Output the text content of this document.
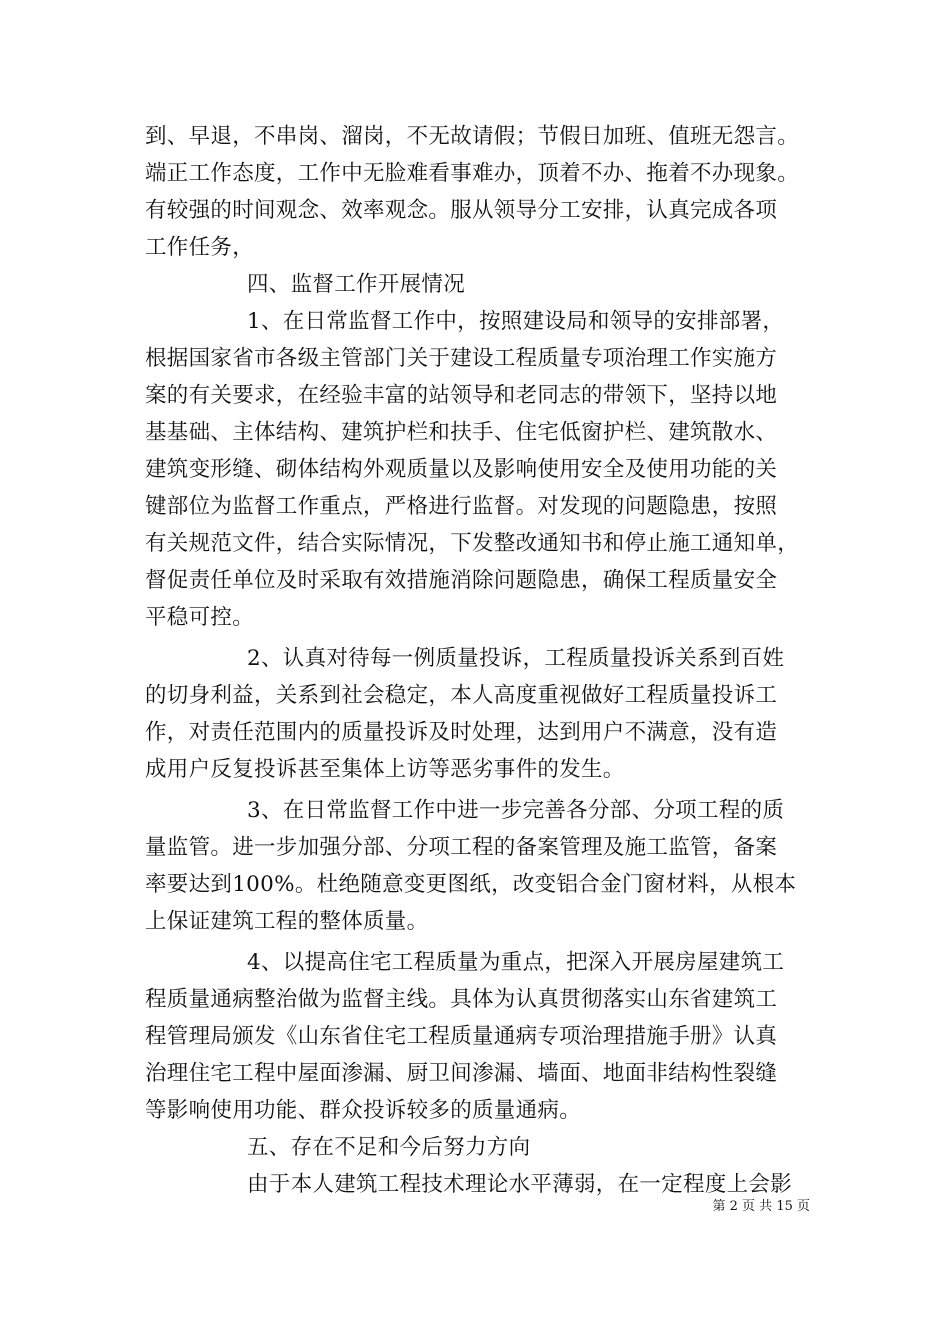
到、早退，不串岗、溜岗，不无故请假；节假日加班、值班无怨言。
端正工作态度，工作中无脸难看事难办，顶着不办、拖着不办现象。
有较强的时间观念、效率观念。服从领导分工安排，认真完成各项
工作任务，
四、监督工作开展情况
1、在日常监督工作中，按照建设局和领导的安排部署，
根据国家省市各级主管部门关于建设工程质量专项治理工作实施方
案的有关要求，在经验丰富的站领导和老同志的带领下，坚持以地
基基础、主体结构、建筑护栏和扶手、住宅低窗护栏、建筑散水、
建筑变形缝、砌体结构外观质量以及影响使用安全及使用功能的关
键部位为监督工作重点，严格进行监督。对发现的问题隐患，按照
有关规范文件，结合实际情况，下发整改通知书和停止施工通知单，
督促责任单位及时采取有效措施消除问题隐患，确保工程质量安全
平稳可控。
2、认真对待每一例质量投诉，工程质量投诉关系到百姓
的切身利益，关系到社会稳定，本人高度重视做好工程质量投诉工
作，对责任范围内的质量投诉及时处理，达到用户不满意，没有造
成用户反复投诉甚至集体上访等恶劣事件的发生。
3、在日常监督工作中进一步完善各分部、分项工程的质
量监管。进一步加强分部、分项工程的备案管理及施工监管，备案
率要达到100%。杜绝随意变更图纸，改变铝合金门窗材料，从根本
上保证建筑工程的整体质量。
4、以提高住宅工程质量为重点，把深入开展房屋建筑工
程质量通病整治做为监督主线。具体为认真贯彻落实山东省建筑工
程管理局颁发《山东省住宅工程质量通病专项治理措施手册》认真
治理住宅工程中屋面渗漏、厨卫间渗漏、墙面、地面非结构性裂缝
等影响使用功能、群众投诉较多的质量通病。
五、存在不足和今后努力方向
由于本人建筑工程技术理论水平薄弱，在一定程度上会影
第 2 页 共 15 页
